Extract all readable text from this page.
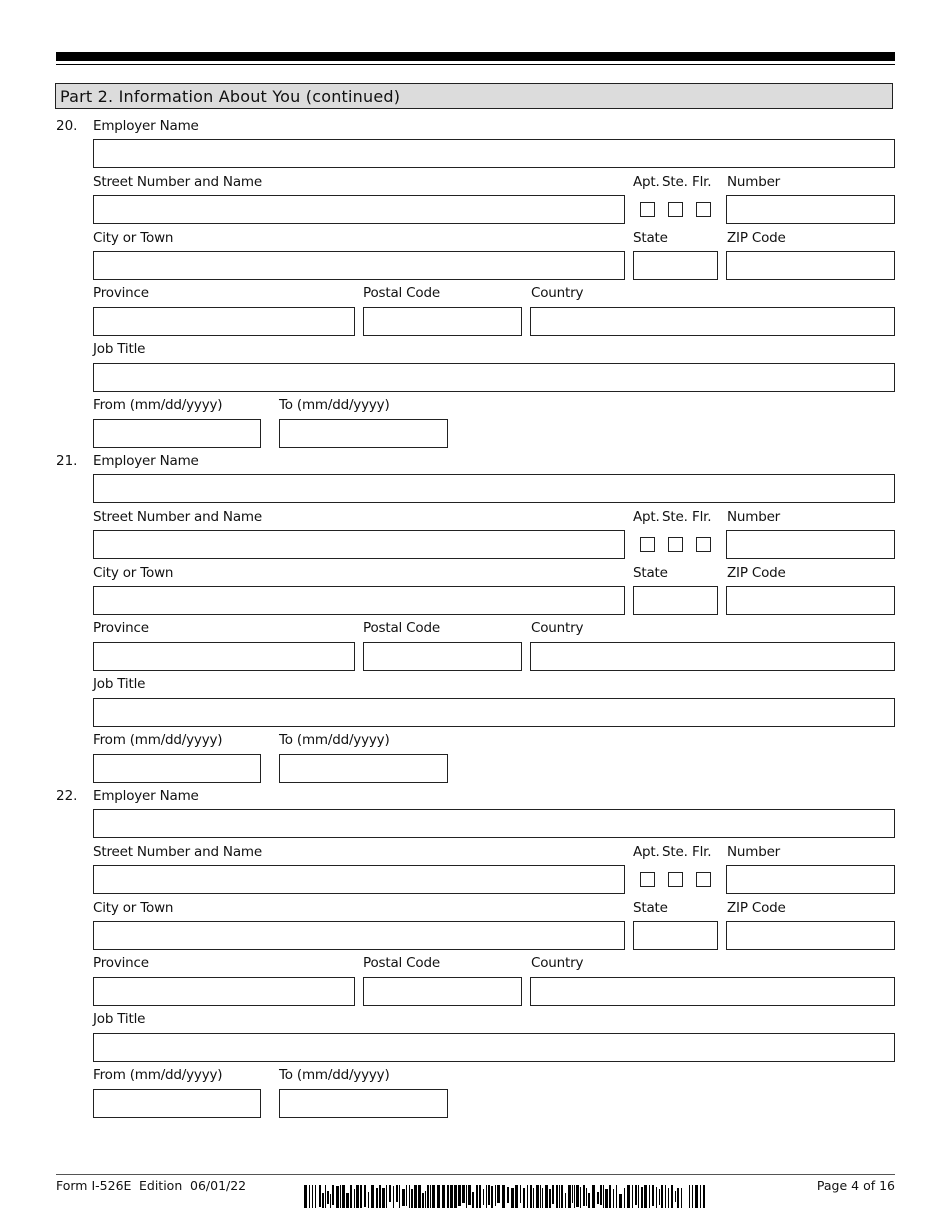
Part 2. Information About You (continued)
20. Employer Name
Street Number and Name	Apt. Ste. Flr. Number
City or Town	State	ZIP Code
Province	Postal Code	Country
Job Title
From (mm/dd/yyyy)	To (mm/dd/yyyy)
21. Employer Name
Street Number and Name	Apt. Ste. Flr. Number
City or Town	State	ZIP Code
Province	Postal Code	Country
Job Title
From (mm/dd/yyyy)	To (mm/dd/yyyy)
22. Employer Name
Street Number and Name	Apt. Ste. Flr. Number
City or Town	State	ZIP Code
Province	Postal Code	Country
Job Title
From (mm/dd/yyyy)	To (mm/dd/yyyy)
Form I-526E Edition 06/01/22	Page 4 of 16
